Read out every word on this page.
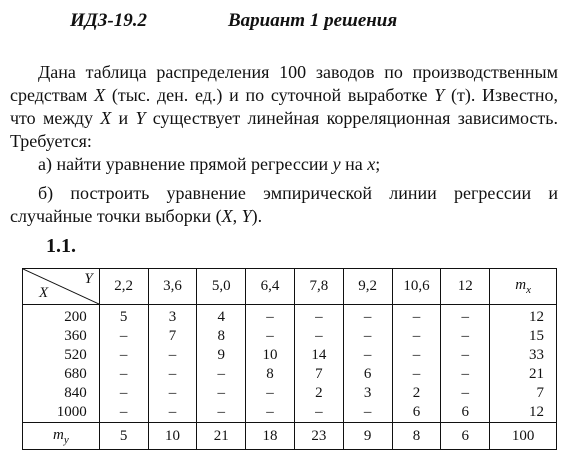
ИДЗ-19.2	Вариант 1 решения
Дана таблица распределения 100 заводов по производственным средствам X (тыс. ден. ед.) и по суточной выработке Y (т). Известно, что между X и Y существует линейная корреляционная зависимость. Требуется:
а) найти уравнение прямой регрессии y на x;
б) построить уравнение эмпирической линии регрессии и случайные точки выборки (X, Y).
1.1.
Y
X	2,2	3,6	5,0	6,4	7,8	9,2	10,6	12	$m_x$
200	5	3	4	–	–	–	–	–	12
360	–	7	8	–	–	–	–	–	15
520	–	–	9	10	14	–	–	–	33
680	–	–	–	8	7	6	–	–	21
840	–	–	–	–	2	3	2	–	7
1000	–	–	–	–	–	–	6	6	12
$m_y$	5	10	21	18	23	9	8	6	100
